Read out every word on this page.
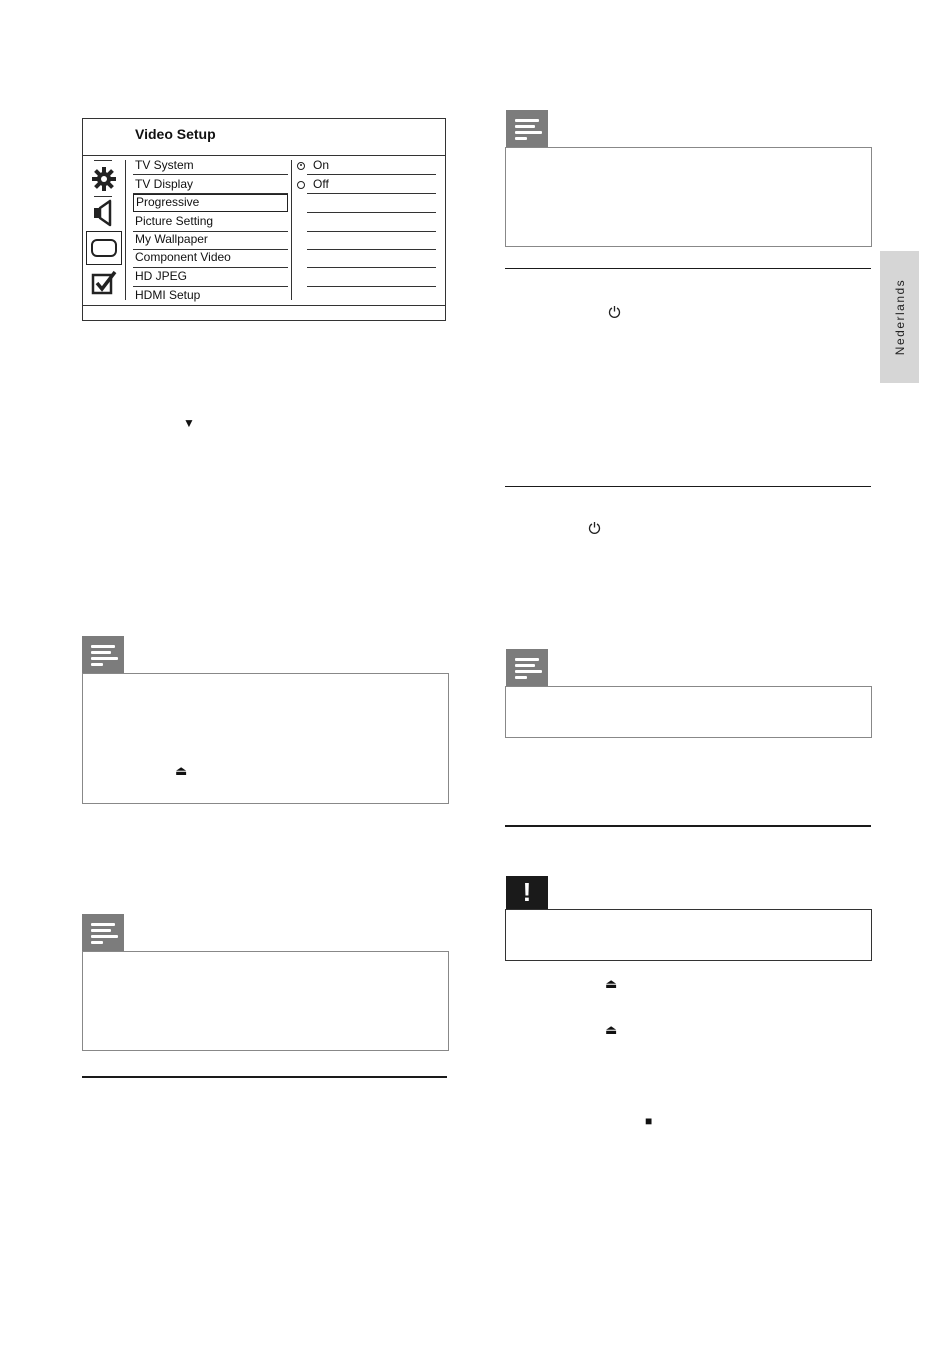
Video Setup
TV System
TV Display
Progressive
Picture Setting
My Wallpaper
Component Video
HD JPEG
HDMI Setup
On
Off
▼
⏏
!
⏏
⏏
■
Nederlands
